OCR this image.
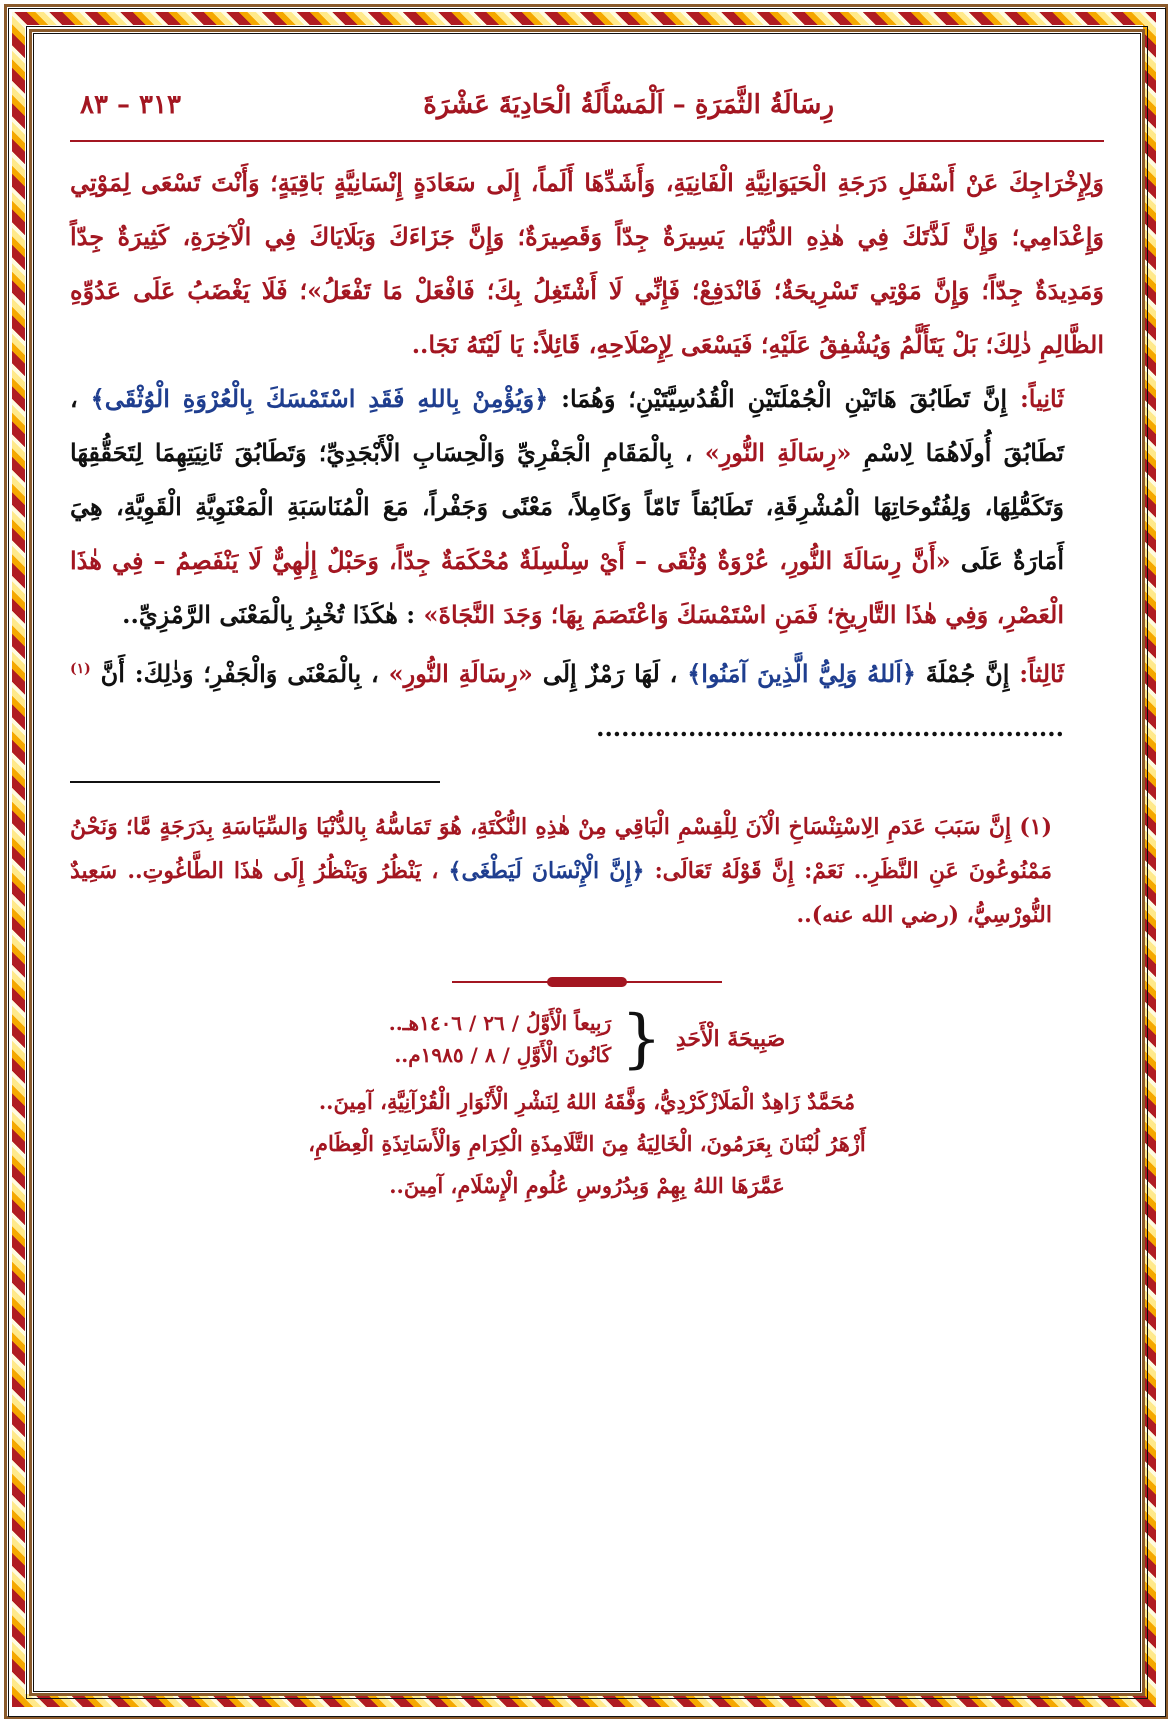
رِسَالَةُ الثَّمَرَةِ – اَلْمَسْأَلَةُ الْحَادِيَةَ عَشْرَةَ
٣١٣ – ٨٣

وَلِإِخْرَاجِكَ عَنْ أَسْفَلِ دَرَجَةِ الْحَيَوَانِيَّةِ الْفَانِيَةِ، وَأَشَدِّهَا أَلَماً، إِلَى سَعَادَةٍ إِنْسَانِيَّةٍ بَاقِيَةٍ؛ وَأَنْتَ تَسْعَى لِمَوْتِي وَإِعْدَامِي؛ وَإِنَّ لَذَّتَكَ فِي هٰذِهِ الدُّنْيَا، يَسِيرَةٌ جِدّاً وَقَصِيرَةٌ؛ وَإِنَّ جَزَاءَكَ وَبَلَايَاكَ فِي الْآخِرَةِ، كَثِيرَةٌ جِدّاً وَمَدِيدَةٌ جِدّاً؛ وَإِنَّ مَوْتِي تَسْرِيحَةٌ؛ فَانْدَفِعْ؛ فَإِنِّي لَا أَشْتَغِلُ بِكَ؛ فَافْعَلْ مَا تَفْعَلُ»؛ فَلَا يَغْضَبُ عَلَى عَدُوِّهِ الظَّالِمِ ذٰلِكَ؛ بَلْ يَتَأَلَّمُ وَيُشْفِقُ عَلَيْهِ؛ فَيَسْعَى لِإِصْلَاحِهِ، قَائِلاً: يَا لَيْتَهُ نَجَا..

ثَانِياً: إِنَّ تَطَابُقَ هَاتَيْنِ الْجُمْلَتَيْنِ الْقُدُسِيَّتَيْنِ؛ وَهُمَا: ﴿وَيُؤْمِنْ بِاللهِ فَقَدِ اسْتَمْسَكَ بِالْعُرْوَةِ الْوُثْقَى﴾ ، تَطَابُقَ أُولَاهُمَا لِاسْمِ «رِسَالَةِ النُّورِ» ، بِالْمَقَامِ الْجَفْرِيِّ وَالْحِسَابِ الْأَبْجَدِيِّ؛ وَتَطَابُقَ ثَانِيَتِهِمَا لِتَحَقُّقِهَا وَتَكَمُّلِهَا، وَلِفُتُوحَاتِهَا الْمُشْرِقَةِ، تَطَابُقاً تَامّاً وَكَامِلاً، مَعْنًى وَجَفْراً، مَعَ الْمُنَاسَبَةِ الْمَعْنَوِيَّةِ الْقَوِيَّةِ، هِيَ أَمَارَةٌ عَلَى «أَنَّ رِسَالَةَ النُّورِ، عُرْوَةٌ وُثْقَى – أَيْ سِلْسِلَةٌ مُحْكَمَةٌ جِدّاً، وَحَبْلٌ إِلٰهِيٌّ لَا يَنْفَصِمُ – فِي هٰذَا الْعَصْرِ، وَفِي هٰذَا التَّارِيخِ؛ فَمَنِ اسْتَمْسَكَ وَاعْتَصَمَ بِهَا؛ وَجَدَ النَّجَاةَ» : هٰكَذَا تُخْبِرُ بِالْمَعْنَى الرَّمْزِيِّ..

ثَالِثاً: إِنَّ جُمْلَةَ ﴿اَللهُ وَلِيُّ الَّذِينَ آمَنُوا﴾ ، لَهَا رَمْزٌ إِلَى «رِسَالَةِ النُّورِ» ، بِالْمَعْنَى وَالْجَفْرِ؛ وَذٰلِكَ: أَنَّ $^{(١)}$ ........................................................

(١) إِنَّ سَبَبَ عَدَمِ الِاسْتِنْسَاخِ الْآنَ لِلْقِسْمِ الْبَاقِي مِنْ هٰذِهِ النُّكْتَةِ، هُوَ تَمَاسُّهُ بِالدُّنْيَا وَالسِّيَاسَةِ بِدَرَجَةٍ مَّا؛ وَنَحْنُ مَمْنُوعُونَ عَنِ النَّظَرِ.. نَعَمْ: إِنَّ قَوْلَهُ تَعَالَى: ﴿إِنَّ الْإِنْسَانَ لَيَطْغَى﴾ ، يَنْظُرُ وَيَنْظُرُ إِلَى هٰذَا الطَّاغُوتِ.. سَعِيدٌ النُّورْسِيُّ، (رضي الله عنه)..

صَبِيحَةَ الْأَحَدِ
{
رَبِيعاً الْأَوَّلُ / ٢٦ / ١٤٠٦هـ..
كَانُونَ الْأَوَّلِ / ٨ / ١٩٨٥م..
مُحَمَّدٌ زَاهِدٌ الْمَلَازْكَرْدِيُّ، وَفَّقَهُ اللهُ لِنَشْرِ الْأَنْوَارِ الْقُرْآنِيَّةِ، آمِينَ..
أَزْهَرُ لُبْنَانَ بِعَرَمُونَ، الْخَالِيَةُ مِنَ التَّلَامِذَةِ الْكِرَامِ وَالْأَسَاتِذَةِ الْعِظَامِ،
عَمَّرَهَا اللهُ بِهِمْ وَبِدُرُوسِ عُلُومِ الْإِسْلَامِ، آمِينَ..
